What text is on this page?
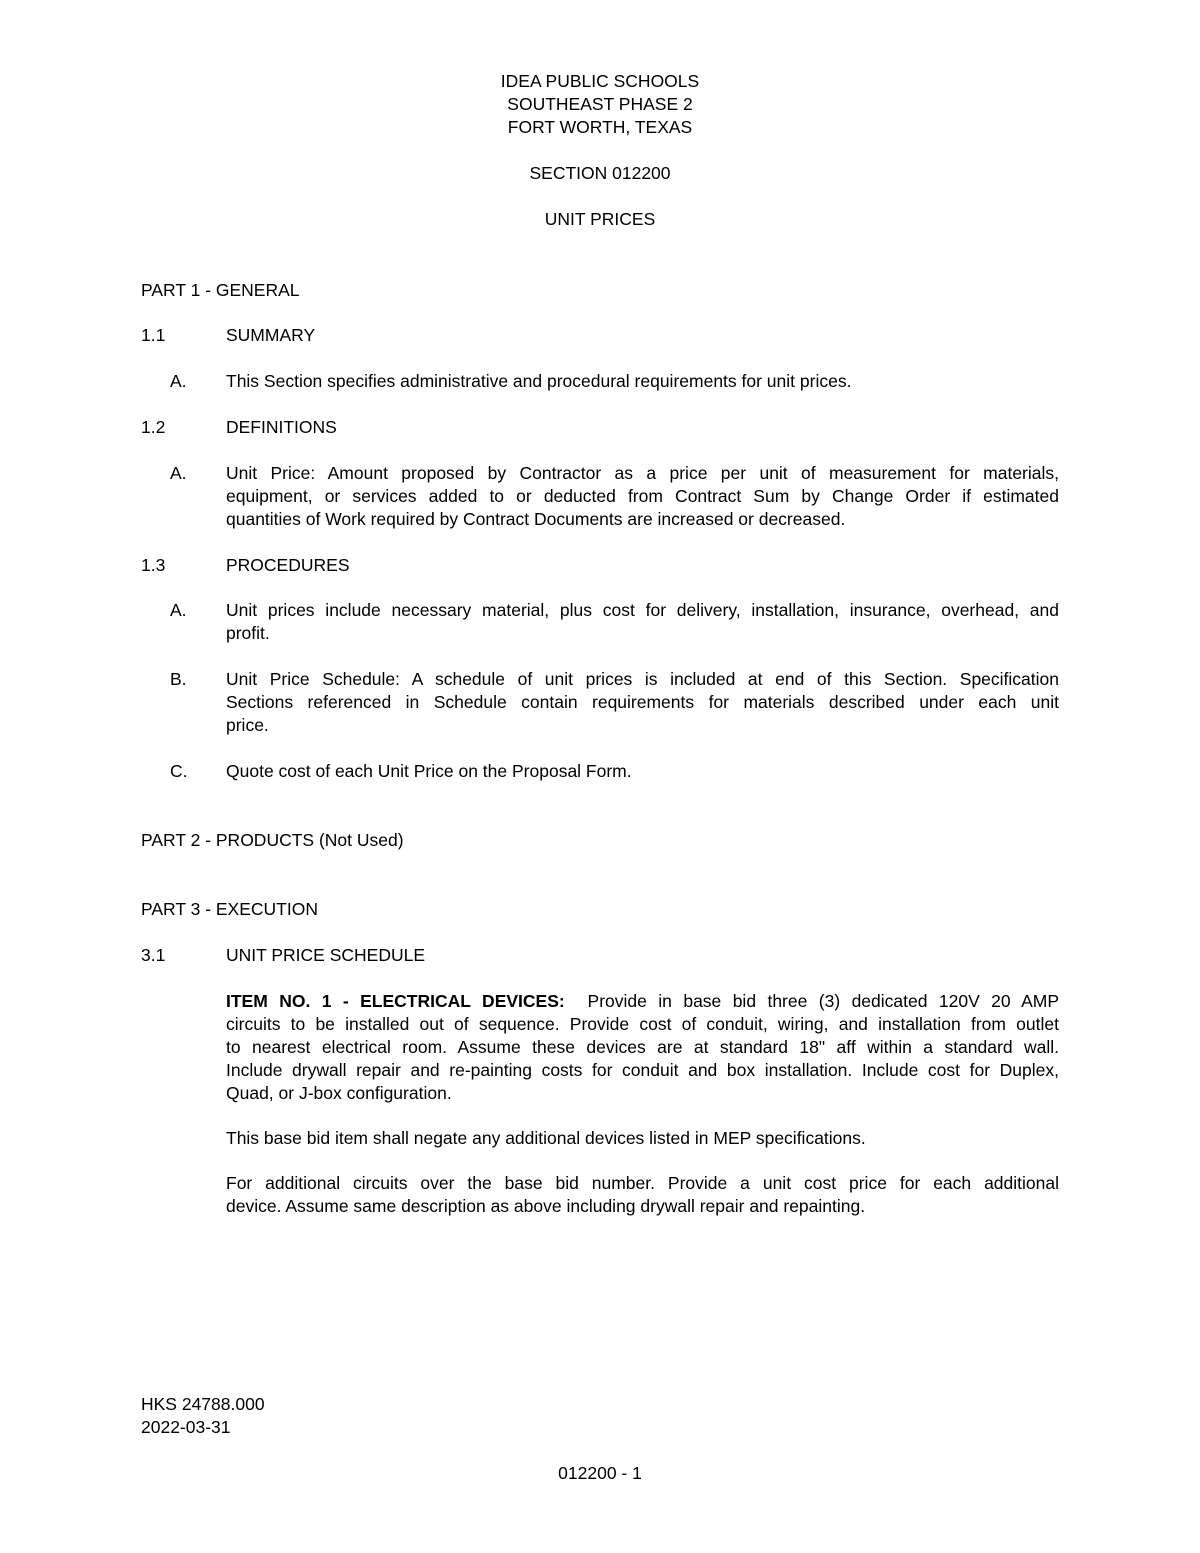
IDEA PUBLIC SCHOOLS
SOUTHEAST PHASE 2
FORT WORTH, TEXAS
SECTION 012200
UNIT PRICES
PART 1 - GENERAL
1.1	SUMMARY
A. This Section specifies administrative and procedural requirements for unit prices.
1.2	DEFINITIONS
A. Unit Price: Amount proposed by Contractor as a price per unit of measurement for materials,
equipment, or services added to or deducted from Contract Sum by Change Order if estimated
quantities of Work required by Contract Documents are increased or decreased.
1.3	PROCEDURES
A. Unit prices include necessary material, plus cost for delivery, installation, insurance, overhead, and
profit.
B. Unit Price Schedule: A schedule of unit prices is included at end of this Section. Specification
Sections referenced in Schedule contain requirements for materials described under each unit
price.
C. Quote cost of each Unit Price on the Proposal Form.
PART 2 - PRODUCTS (Not Used)
PART 3 - EXECUTION
3.1	UNIT PRICE SCHEDULE
ITEM NO. 1 - ELECTRICAL DEVICES:  Provide in base bid three (3) dedicated 120V 20 AMP
circuits to be installed out of sequence. Provide cost of conduit, wiring, and installation from outlet
to nearest electrical room. Assume these devices are at standard 18" aff within a standard wall.
Include drywall repair and re-painting costs for conduit and box installation. Include cost for Duplex,
Quad, or J-box configuration.
This base bid item shall negate any additional devices listed in MEP specifications.
For additional circuits over the base bid number. Provide a unit cost price for each additional
device. Assume same description as above including drywall repair and repainting.
HKS 24788.000
2022-03-31
012200 - 1
